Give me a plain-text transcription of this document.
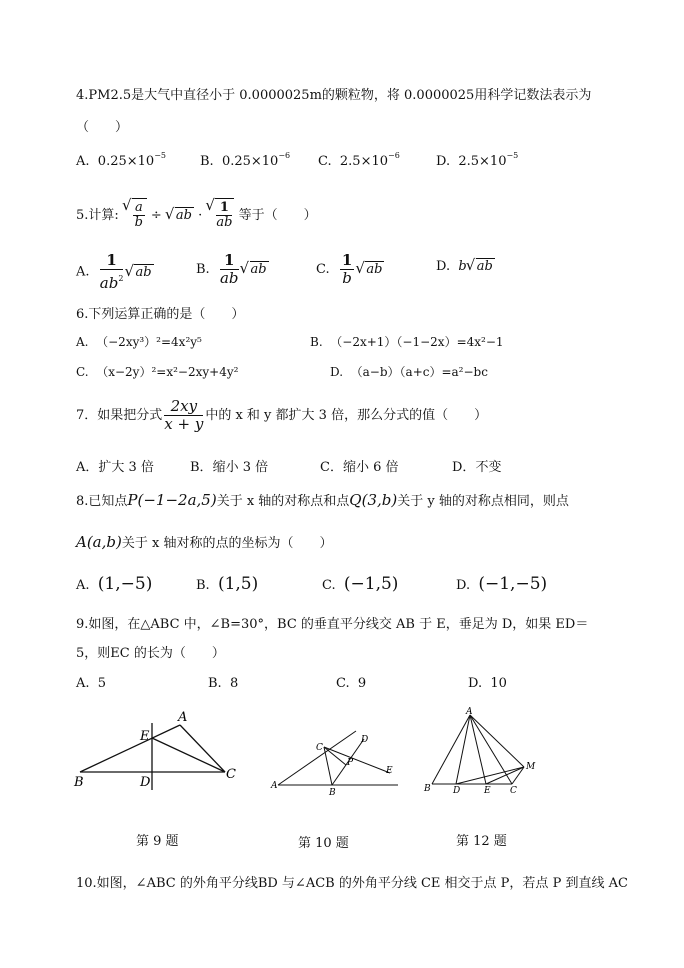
4.PM2.5是大气中直径小于 0.0000025m的颗粒物，将 0.0000025用科学记数法表示为
（　　）
A. $0.25\times 10^{-5}$	B. $0.25\times 10^{-6}$ C. $2.5\times 10^{-6}$	D. $2.5\times 10^{-5}$
5.计算: √ $\frac{a}{b}$ ÷ √ ab · √ $\frac{1}{ab}$ 等于（　　）
A. $\frac{1}{ab^2}$ √ ab	B. $\frac{1}{ab}$ √ ab	C. $\frac{1}{b}$ √ ab	D. b √ ab
6.下列运算正确的是（　　）
A. （−2xy³）²=4x²y⁵	B. （−2x+1）（−1−2x）=4x²−1
C. （x−2y）²=x²−2xy+4y²	D. （a−b）（a+c）=a²−bc
7．如果把分式 $\frac{2xy}{x + y}$ 中的 x 和 y 都扩大 3 倍，那么分式的值（　　）
A．扩大 3 倍	B．缩小 3 倍	C．缩小 6 倍	D．不变
8.已知点P(−1−2a,5)关于 x 轴的对称点和点Q(3,b)关于 y 轴的对称点相同，则点
A(a,b)关于 x 轴对称的点的坐标为（　　）
A. (1,−5)	B. (1,5)	C. (−1,5)	D. (−1,−5)
9.如图，在△ABC 中，∠B=30°，BC 的垂直平分线交 AB 于 E，垂足为 D，如果 ED＝
5，则EC 的长为（　　）
A. 5	B. 8	C. 9	D. 10
A
E
B	D
C
第 9 题
C
D
P
E
A
B
第 10 题
A
M
B D	E C
第 12 题
10.如图，∠ABC 的外角平分线BD 与∠ACB 的外角平分线 CE 相交于点 P，若点 P 到直线 AC
